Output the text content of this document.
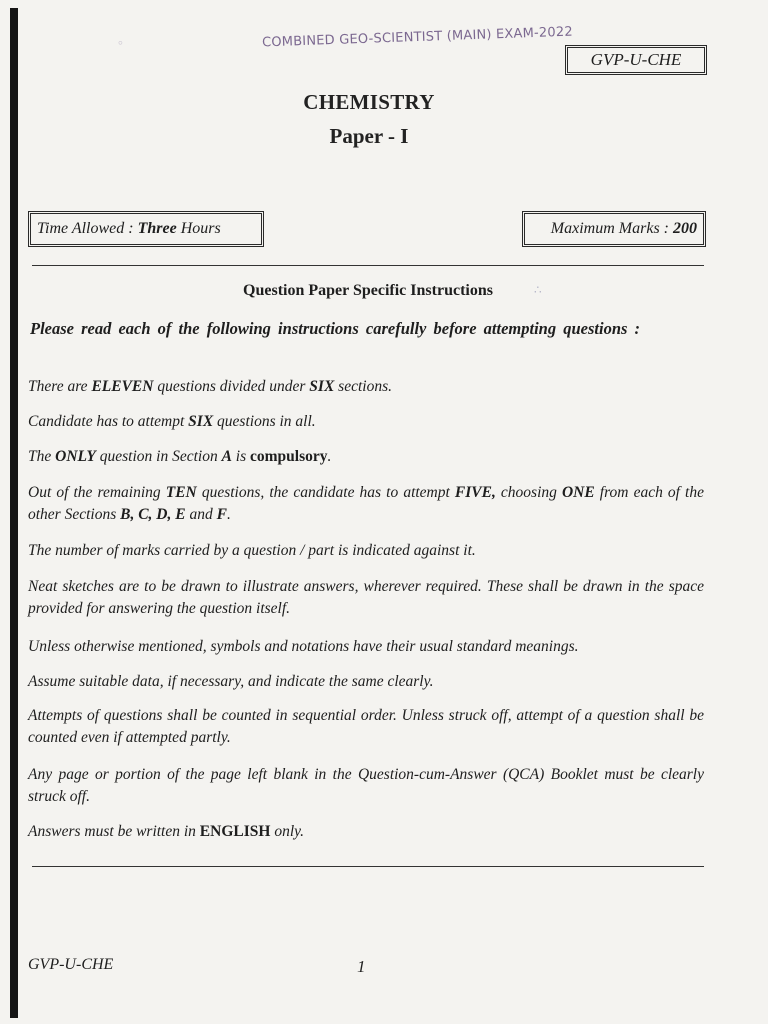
°	COMBINED GEO-SCIENTIST (MAIN) EXAM-2022
GVP-U-CHE
CHEMISTRY
Paper - I
Time Allowed : Three Hours	Maximum Marks : 200
Question Paper Specific Instructions	∴
Please read each of the following instructions carefully before attempting questions :

There are ELEVEN questions divided under SIX sections.

Candidate has to attempt SIX questions in all.

The ONLY question in Section A is compulsory.

Out of the remaining TEN questions, the candidate has to attempt FIVE, choosing ONE from each of the other Sections B, C, D, E and F.

The number of marks carried by a question / part is indicated against it.

Neat sketches are to be drawn to illustrate answers, wherever required. These shall be drawn in the space provided for answering the question itself.

Unless otherwise mentioned, symbols and notations have their usual standard meanings.

Assume suitable data, if necessary, and indicate the same clearly.

Attempts of questions shall be counted in sequential order. Unless struck off, attempt of a question shall be counted even if attempted partly.

Any page or portion of the page left blank in the Question-cum-Answer (QCA) Booklet must be clearly struck off.

Answers must be written in ENGLISH only.

GVP-U-CHE	1
